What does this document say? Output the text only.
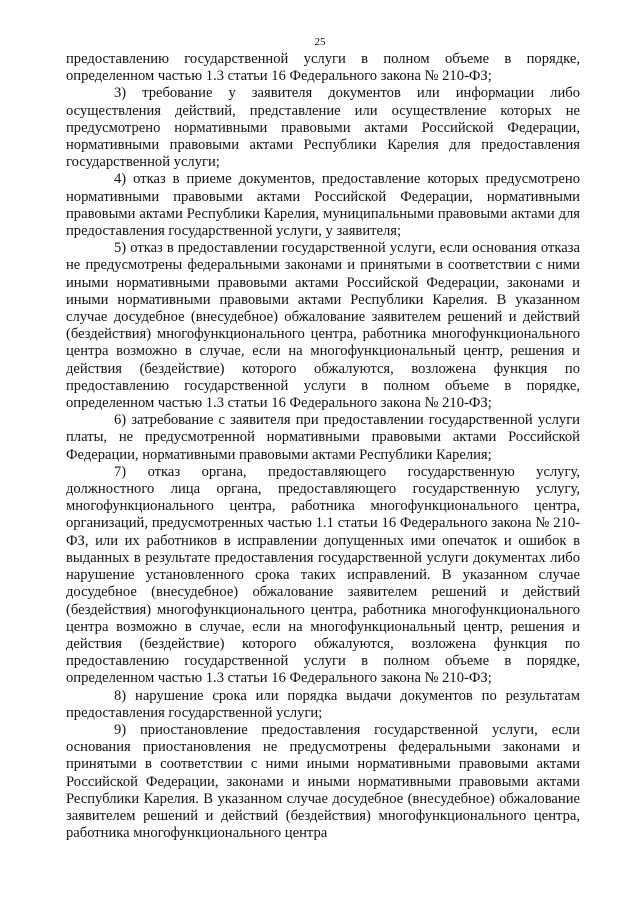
25

предоставлению государственной услуги в полном объеме в порядке, определенном частью 1.3 статьи 16 Федерального закона № 210-ФЗ;

3) требование у заявителя документов или информации либо осуществления действий, представление или осуществление которых не предусмотрено нормативными правовыми актами Российской Федерации, нормативными правовыми актами Республики Карелия для предоставления государственной услуги;

4) отказ в приеме документов, предоставление которых предусмотрено нормативными правовыми актами Российской Федерации, нормативными правовыми актами Республики Карелия, муниципальными правовыми актами для предоставления государственной услуги, у заявителя;

5) отказ в предоставлении государственной услуги, если основания отказа не предусмотрены федеральными законами и принятыми в соответствии с ними иными нормативными правовыми актами Российской Федерации, законами и иными нормативными правовыми актами Республики Карелия. В указанном случае досудебное (внесудебное) обжалование заявителем решений и действий (бездействия) многофункционального центра, работника многофункционального центра возможно в случае, если на многофункциональный центр, решения и действия (бездействие) которого обжалуются, возложена функция по предоставлению государственной услуги в полном объеме в порядке, определенном частью 1.3 статьи 16 Федерального закона № 210-ФЗ;

6) затребование с заявителя при предоставлении государственной услуги платы, не предусмотренной нормативными правовыми актами Российской Федерации, нормативными правовыми актами Республики Карелия;

7) отказ органа, предоставляющего государственную услугу, должностного лица органа, предоставляющего государственную услугу, многофункционального центра, работника многофункционального центра, организаций, предусмотренных частью 1.1 статьи 16 Федерального закона № 210-ФЗ, или их работников в исправлении допущенных ими опечаток и ошибок в выданных в результате предоставления государственной услуги документах либо нарушение установленного срока таких исправлений. В указанном случае досудебное (внесудебное) обжалование заявителем решений и действий (бездействия) многофункционального центра, работника многофункционального центра возможно в случае, если на многофункциональный центр, решения и действия (бездействие) которого обжалуются, возложена функция по предоставлению государственной услуги в полном объеме в порядке, определенном частью 1.3 статьи 16 Федерального закона № 210-ФЗ;

8) нарушение срока или порядка выдачи документов по результатам предоставления государственной услуги;

9) приостановление предоставления государственной услуги, если основания приостановления не предусмотрены федеральными законами и принятыми в соответствии с ними иными нормативными правовыми актами Российской Федерации, законами и иными нормативными правовыми актами Республики Карелия. В указанном случае досудебное (внесудебное) обжалование заявителем решений и действий (бездействия) многофункционального центра, работника многофункционального центра
